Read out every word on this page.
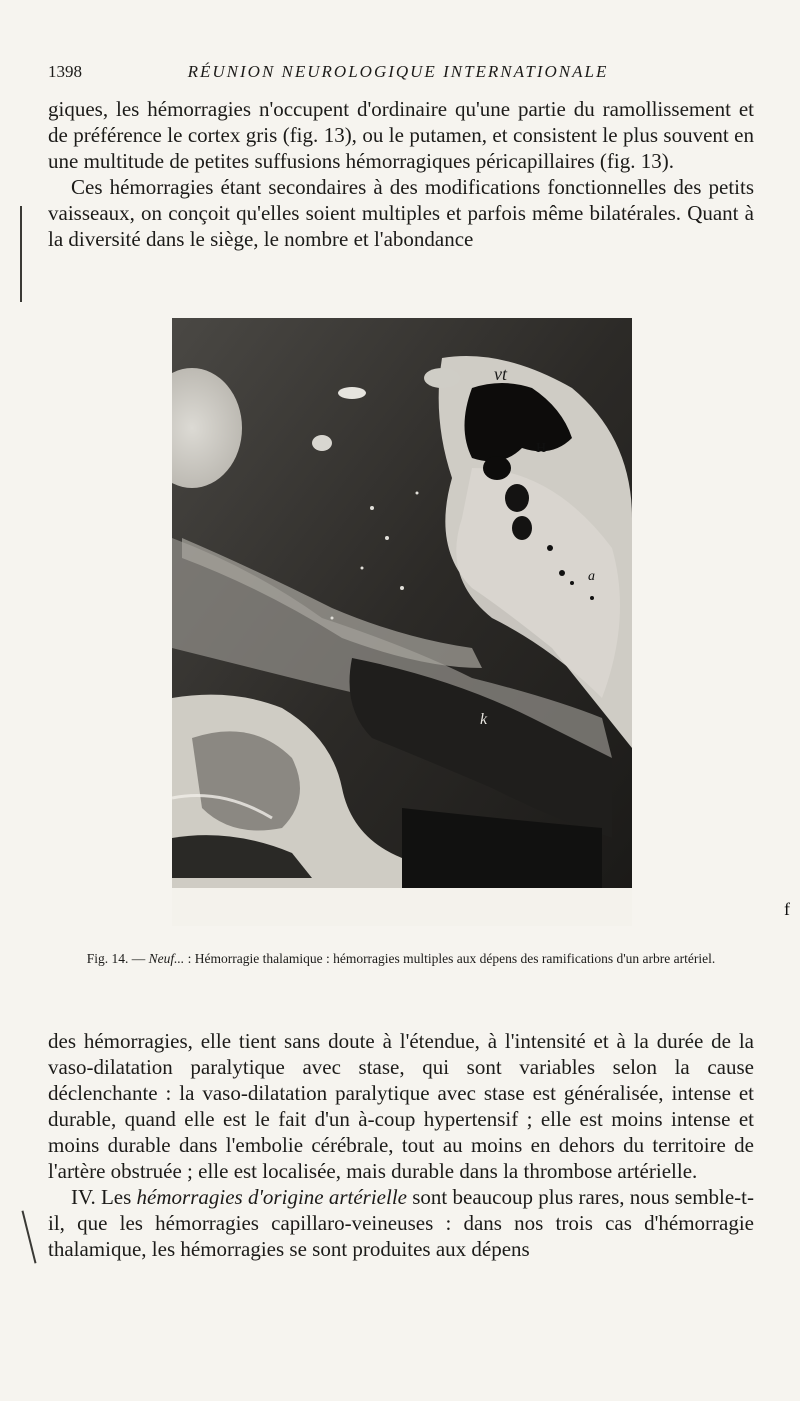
1398	RÉUNION NEUROLOGIQUE INTERNATIONALE

giques, les hémorragies n'occupent d'ordinaire qu'une partie du ramollissement et de préférence le cortex gris (fig. 13), ou le putamen, et consistent le plus souvent en une multitude de petites suffusions hémorragiques péricapillaires (fig. 13).

Ces hémorragies étant secondaires à des modifications fonctionnelles des petits vaisseaux, on conçoit qu'elles soient multiples et parfois même bilatérales. Quant à la diversité dans le siège, le nombre et l'abondance

vt
H
a
k
f
Fig. 14. — Neuf... : Hémorragie thalamique : hémorragies multiples aux dépens des ramifications d'un arbre artériel.

des hémorragies, elle tient sans doute à l'étendue, à l'intensité et à la durée de la vaso-dilatation paralytique avec stase, qui sont variables selon la cause déclenchante : la vaso-dilatation paralytique avec stase est généralisée, intense et durable, quand elle est le fait d'un à-coup hypertensif ; elle est moins intense et moins durable dans l'embolie cérébrale, tout au moins en dehors du territoire de l'artère obstruée ; elle est localisée, mais durable dans la thrombose artérielle.

IV. Les hémorragies d'origine artérielle sont beaucoup plus rares, nous semble-t-il, que les hémorragies capillaro-veineuses : dans nos trois cas d'hémorragie thalamique, les hémorragies se sont produites aux dépens
